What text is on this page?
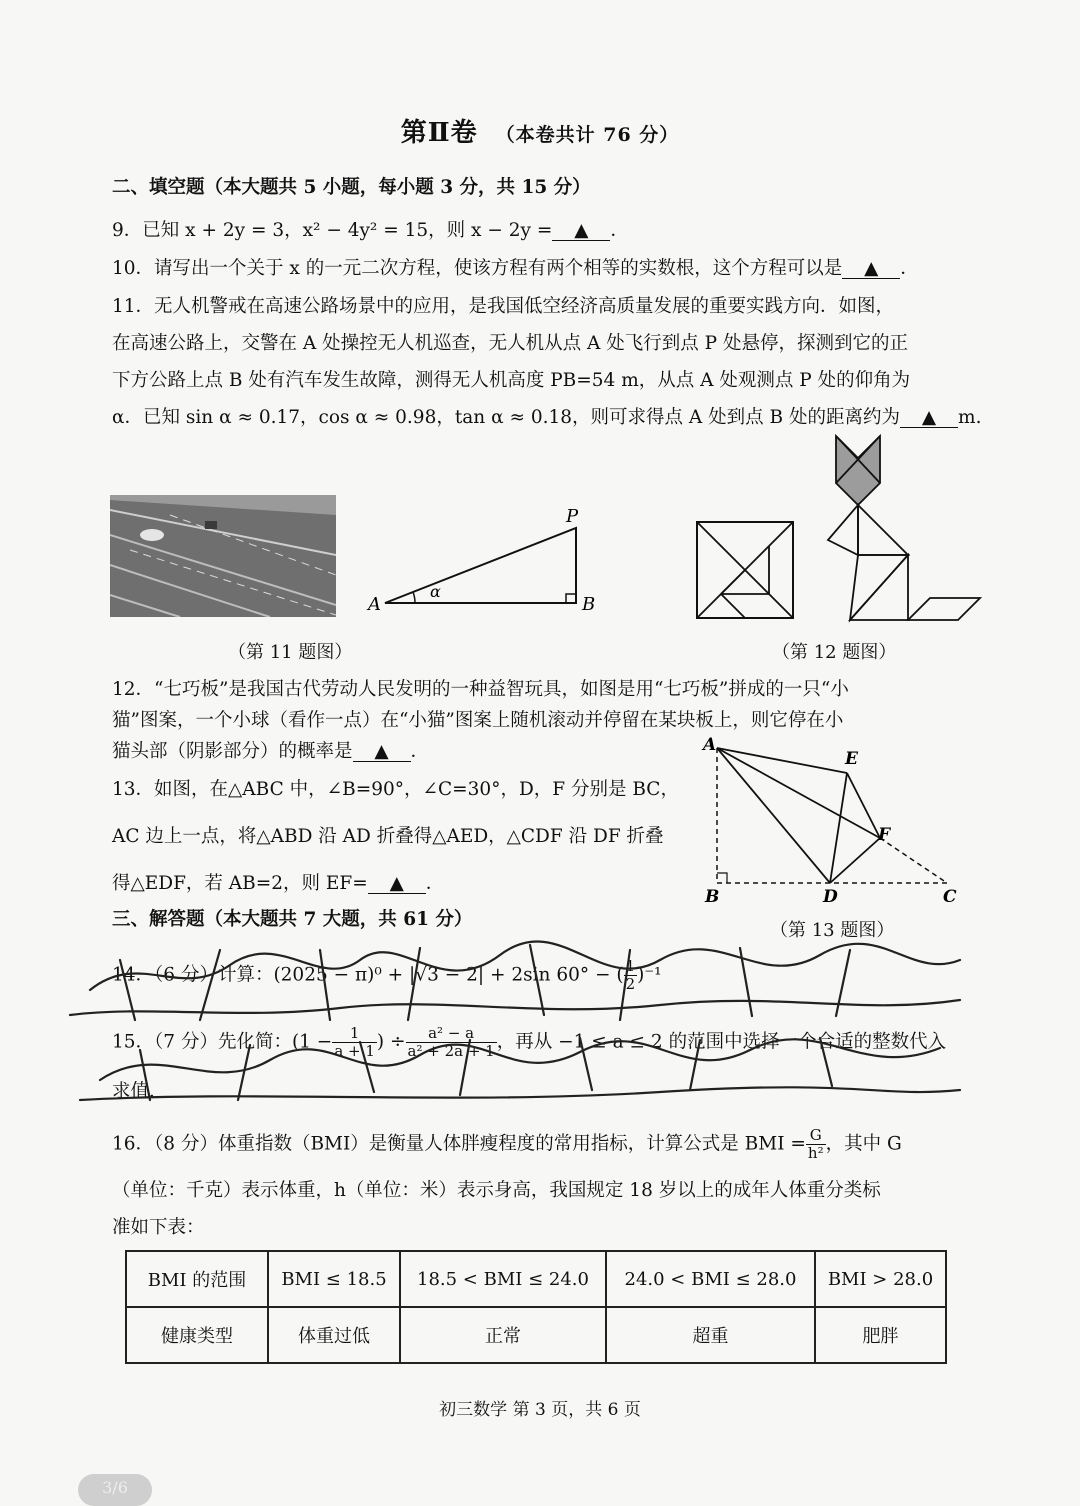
第Ⅱ卷 （本卷共计 76 分）
二、填空题（本大题共 5 小题，每小题 3 分，共 15 分）
9．已知 x + 2y = 3，x² − 4y² = 15，则 x − 2y = ▲ ．
10．请写出一个关于 x 的一元二次方程，使该方程有两个相等的实数根，这个方程可以是 ▲ ．
11．无人机警戒在高速公路场景中的应用，是我国低空经济高质量发展的重要实践方向．如图，
在高速公路上，交警在 A 处操控无人机巡查，无人机从点 A 处飞行到点 P 处悬停，探测到它的正
下方公路上点 B 处有汽车发生故障，测得无人机高度 PB=54 m，从点 A 处观测点 P 处的仰角为
α．已知 sin α ≈ 0.17，cos α ≈ 0.98，tan α ≈ 0.18，则可求得点 A 处到点 B 处的距离约为 ▲ m.
A	B
P
α
（第 11 题图）	（第 12 题图）
12．“七巧板”是我国古代劳动人民发明的一种益智玩具，如图是用“七巧板”拼成的一只“小
猫”图案，一个小球（看作一点）在“小猫”图案上随机滚动并停留在某块板上，则它停在小
猫头部（阴影部分）的概率是 ▲ ．
13．如图，在△ABC 中，∠B=90°，∠C=30°，D，F 分别是 BC，
AC 边上一点，将△ABD 沿 AD 折叠得△AED，△CDF 沿 DF 折叠
得△EDF，若 AB=2，则 EF= ▲ ．
A
E
F
B	D	C
三、解答题（本大题共 7 大题，共 61 分）
（第 13 题图）
14．（6 分）计算：(2025 − π)⁰ + |√3 − 2| + 2sin 60° − ( $\frac{1}{2} )^{-1}$
15．（7 分）先化简：($1 - \frac{1}{a + 1}$ ) ÷ $\frac{\text{a² − a}}{\text{a² + 2a + 1}}$ ，再从 −1 ≤ a ≤ 2 的范围中选择一个合适的整数代入
求值．
16．（8 分）体重指数（BMI）是衡量人体胖瘦程度的常用指标，计算公式是 BMI = $\frac{G}{\text{h²}}$ ，其中 G
（单位：千克）表示体重，h（单位：米）表示身高，我国规定 18 岁以上的成年人体重分类标
准如下表：
BMI 的范围	BMI ≤ 18.5	18.5 < BMI ≤ 24.0	24.0 < BMI ≤ 28.0	BMI > 28.0
健康类型	体重过低	正常	超重	肥胖
初三数学 第 3 页，共 6 页
3/6
